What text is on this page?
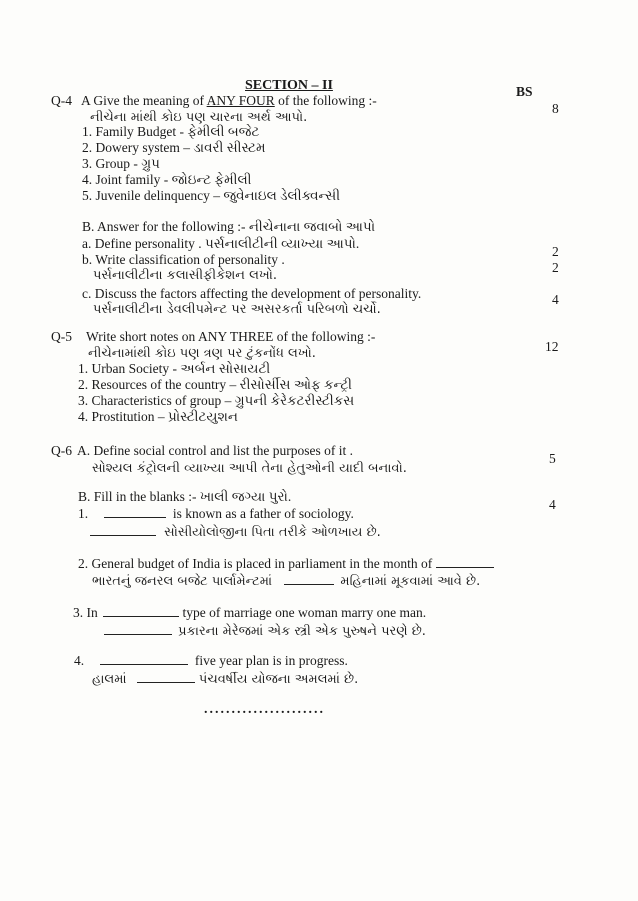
SECTION – II	BS
Q-4 A Give the meaning of ANY FOUR of the following :-
8
નીચેના માંથી કોઇ પણ ચારના અર્થ આપો.
1. Family Budget - ફેમીલી બજેટ
2. Dowery system – ડાવરી સીસ્ટમ
3. Group - ગ્રુપ
4. Joint family - જોઇન્ટ ફેમીલી
5. Juvenile delinquency – જુવેનાઇલ ડેલીક્વન્સી
B. Answer for the following :- નીચેનાના જવાબો આપો
a. Define personality . પર્સનાલીટીની વ્યાખ્યા આપો.
2
b. Write classification of personality .
2
પર્સનાલીટીના કલાસીફીકેશન લખો.
c. Discuss the factors affecting the development of personality.	4
પર્સનાલીટીના ડેવલીપમેન્ટ પર અસરકર્તા પરિબળો ચર્ચો.
Q-5 Write short notes on ANY THREE of the following :-
12
નીચેનામાંથી કોઇ પણ ત્રણ પર ટુંકનોંધ લખો.
1. Urban Society - અર્બન સોસાયટી
2. Resources of the country – રીસોર્સીસ ઓફ કન્ટ્રી
3. Characteristics of group – ગ્રુપની કેરેકટરીસ્ટીકસ
4. Prostitution – પ્રોસ્ટીટયુશન
Q-6 A. Define social control and list the purposes of it .
5
સોશ્યલ કંટ્રોલની વ્યાખ્યા આપી તેના હેતુઓની યાદી બનાવો.
B. Fill in the blanks :- ખાલી જગ્યા પુરો.
4
1.	is known as a father of sociology.
સોસીયોલોજીના પિતા તરીકે ઓળખાય છે.
2. General budget of India is placed in parliament in the month of
ભારતનું જનરલ બજેટ પાર્લામેન્ટમાં	મહિનામાં મૂકવામાં આવે છે.
3. In	type of marriage one woman marry one man.
પ્રકારના મેરેજમાં એક સ્ત્રી એક પુરુષને પરણે છે.
4.	five year plan is in progress.
હાલમાં	પંચવર્ષીય યોજના અમલમાં છે.
......................
